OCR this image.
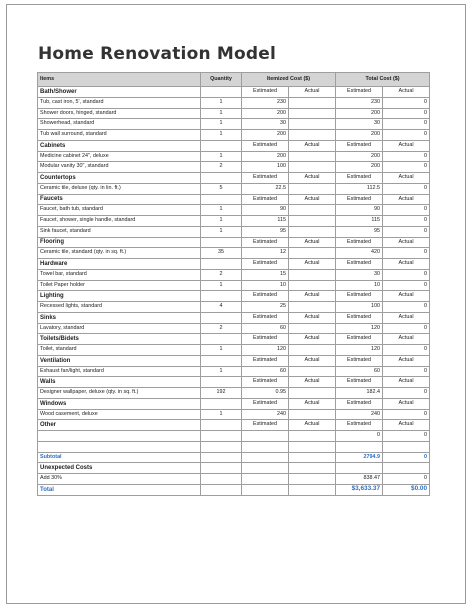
Home Renovation Model
Items	Quantity	Itemized Cost ($)		Total Cost ($)	
Bath/Shower		Estimated	Actual	Estimated	Actual
Tub, cast iron, 5', standard	1	230		230	0
Shower doors, hinged, standard	1	200		200	0
Showerhead, standard	1	30		30	0
Tub wall surround, standard	1	200		200	0
Cabinets		Estimated	Actual	Estimated	Actual
Medicine cabinet 24", deluxe	1	200		200	0
Modular vanity 30", standard	2	100		200	0
Countertops		Estimated	Actual	Estimated	Actual
Ceramic tile, deluxe (qty. in lin. ft.)	5	22.5		112.5	0
Faucets		Estimated	Actual	Estimated	Actual
Faucet, bath tub, standard	1	90		90	0
Faucet, shower, single handle, standard	1	115		115	0
Sink faucet, standard	1	95		95	0
Flooring		Estimated	Actual	Estimated	Actual
Ceramic tile, standard (qty. in sq. ft.)	35	12		420	0
Hardware		Estimated	Actual	Estimated	Actual
Towel bar, standard	2	15		30	0
Toilet Paper holder	1	10		10	0
Lighting		Estimated	Actual	Estimated	Actual
Recessed lights, standard	4	25		100	0
Sinks		Estimated	Actual	Estimated	Actual
Lavatory, standard	2	60		120	0
Toilets/Bidets		Estimated	Actual	Estimated	Actual
Toilet, standard	1	120		120	0
Ventilation		Estimated	Actual	Estimated	Actual
Exhaust fan/light, standard	1	60		60	0
Walls		Estimated	Actual	Estimated	Actual
Designer wallpaper, deluxe (qty. in sq. ft.)	192	0.95		182.4	0
Windows		Estimated	Actual	Estimated	Actual
Wood casement, deluxe	1	240		240	0
Other		Estimated	Actual	Estimated	Actual
				0	0

Subtotal				2794.9	0
Unexpected Costs					
Add 30%				838.47	0
Total				$3,633.37	$0.00
